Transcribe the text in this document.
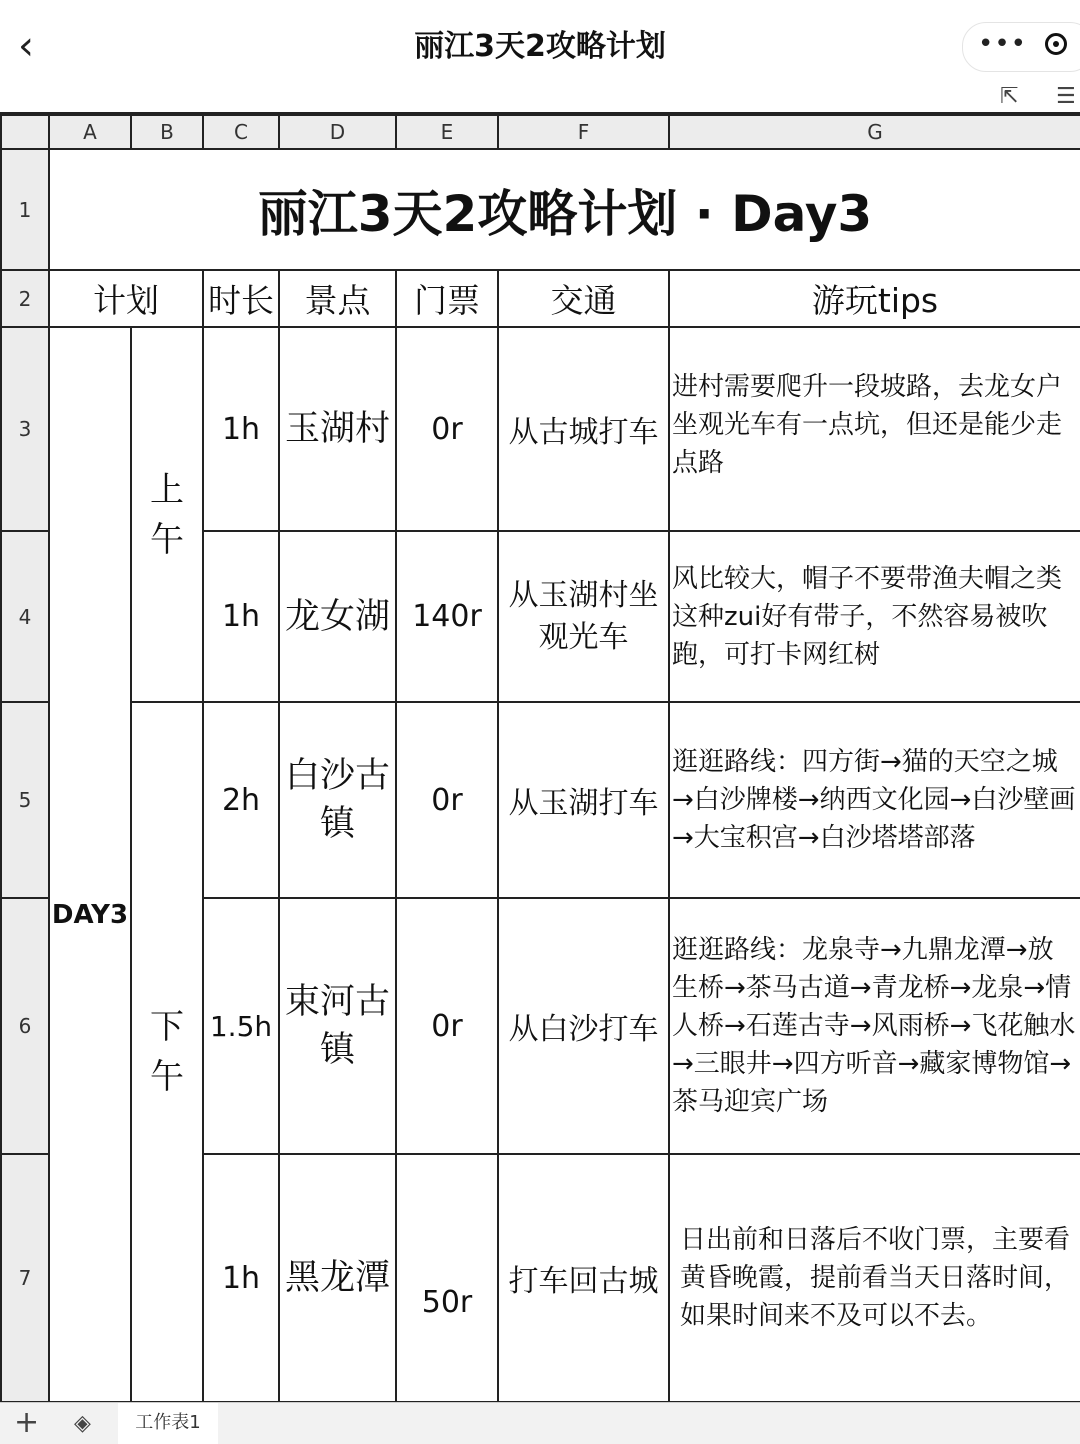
‹	丽江3天2攻略计划	•••
⇱	☰
	A	B	C	D	E	F	G
1	丽江3天2攻略计划 · Day3						
2	计划		时长	景点	门票	交通	游玩tips
3	DAY3	上午	1h	玉湖村	0r	从古城打车	进村需要爬升一段坡路，去龙女户坐观光车有一点坑，但还是能少走点路
4			1h	龙女湖	140r	从玉湖村坐观光车	风比较大，帽子不要带渔夫帽之类这种zui好有带子，不然容易被吹跑，可打卡网红树
5		下午	2h	白沙古镇	0r	从玉湖打车	逛逛路线：四方街→猫的天空之城→白沙牌楼→纳西文化园→白沙壁画→大宝积宫→白沙塔塔部落
6			1.5h	束河古镇	0r	从白沙打车	逛逛路线：龙泉寺→九鼎龙潭→放生桥→茶马古道→青龙桥→龙泉→情人桥→石莲古寺→风雨桥→飞花触水→三眼井→四方听音→藏家博物馆→茶马迎宾广场
7			1h	黑龙潭	50r	打车回古城	日出前和日落后不收门票，主要看黄昏晚霞，提前看当天日落时间，如果时间来不及可以不去。
+ ◈	工作表1
